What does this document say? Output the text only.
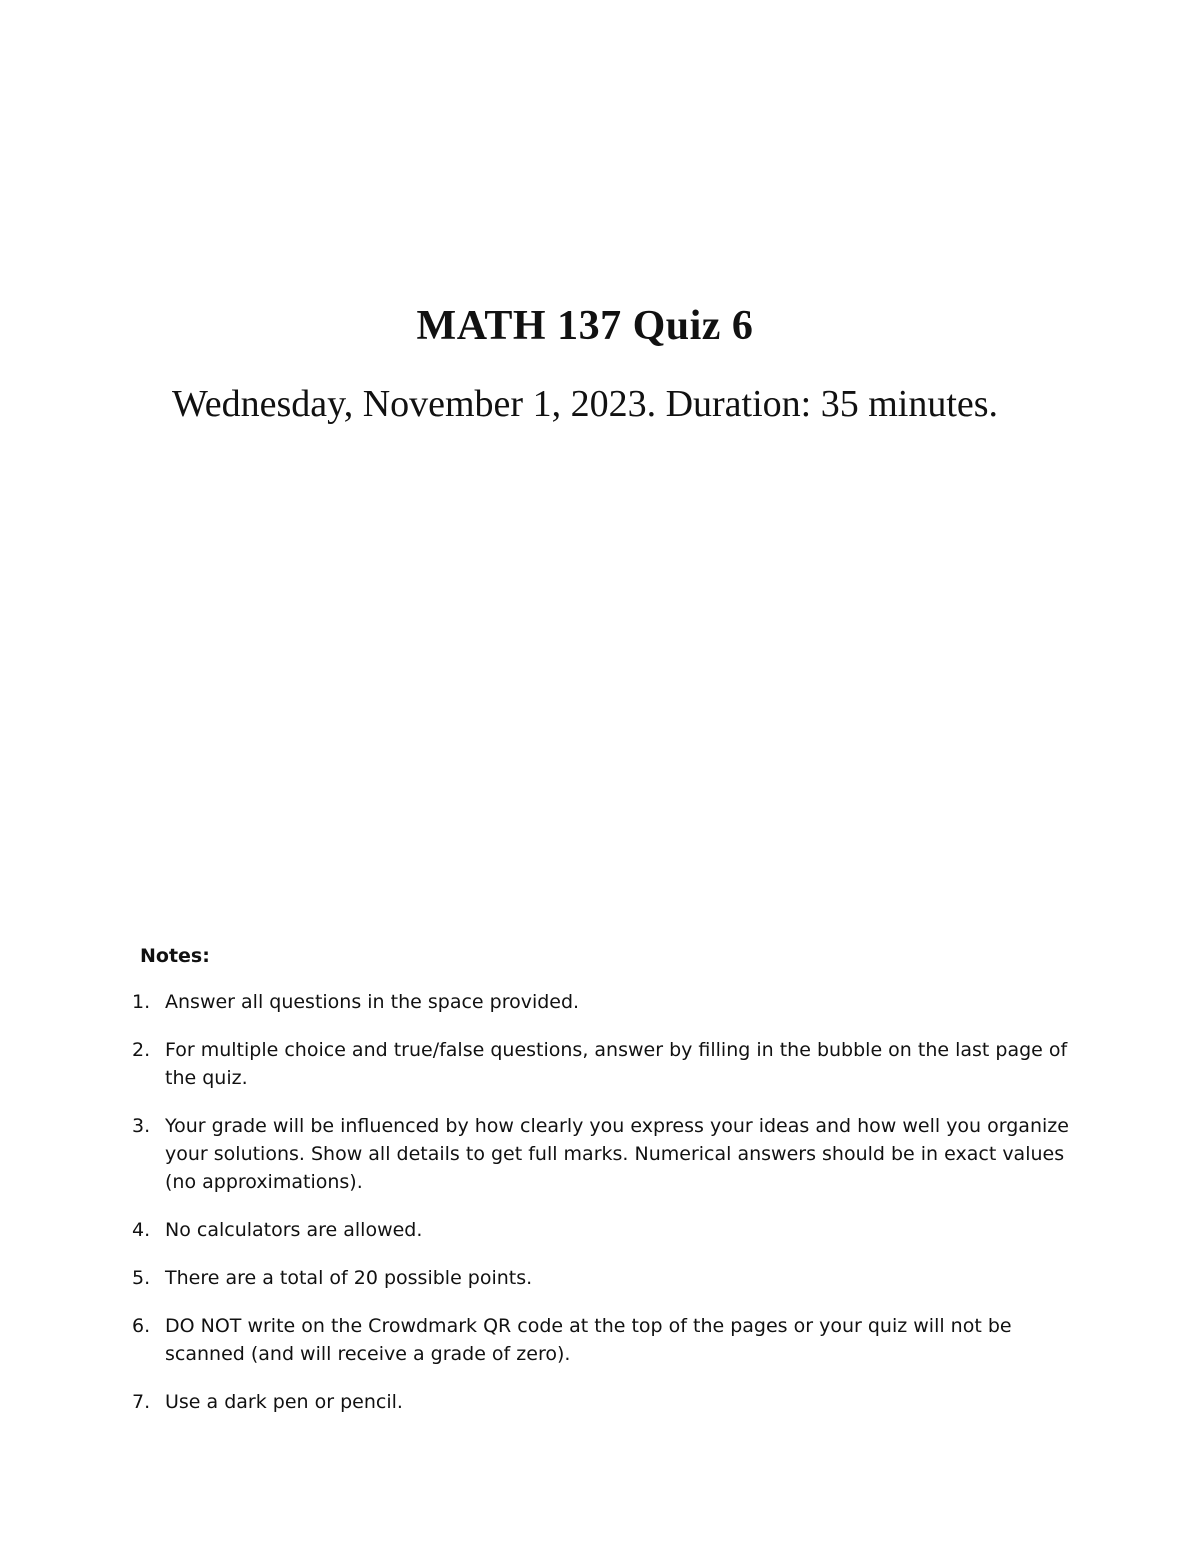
MATH 137 Quiz 6

Wednesday, November 1, 2023. Duration: 35 minutes.

Notes:
1. Answer all questions in the space provided.
2. For multiple choice and true/false questions, answer by filling in the bubble on the last page of the quiz.
3. Your grade will be influenced by how clearly you express your ideas and how well you organize your solutions. Show all details to get full marks. Numerical answers should be in exact values (no approximations).
4. No calculators are allowed.
5. There are a total of 20 possible points.
6. DO NOT write on the Crowdmark QR code at the top of the pages or your quiz will not be scanned (and will receive a grade of zero).
7. Use a dark pen or pencil.
